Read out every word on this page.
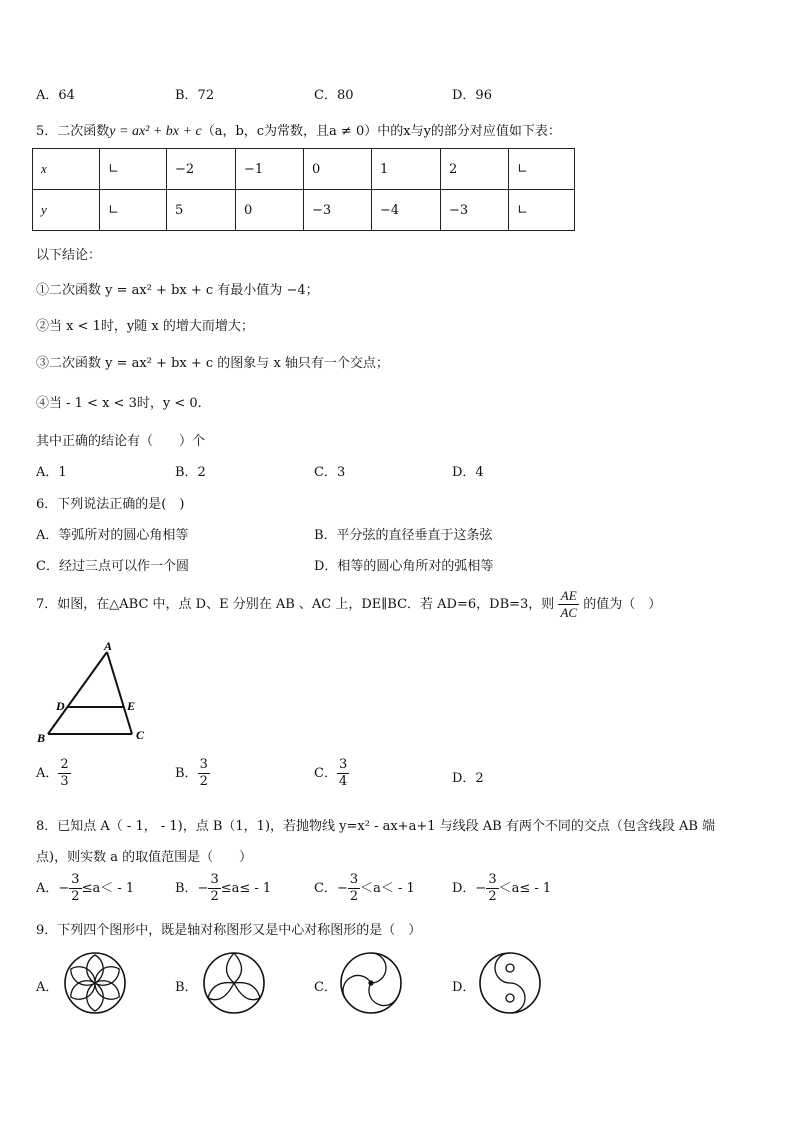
A．64	B．72	C．80	D．96
5．二次函数y = ax² + bx + c（a，b，c为常数，且a ≠ 0）中的x与y的部分对应值如下表：
x	∟	−2	−1	0	1	2	∟
y	∟	5	0	−3	−4	−3	∟
以下结论：
①二次函数 y = ax² + bx + c 有最小值为 −4；
②当 x < 1时，y随 x 的增大而增大；
③二次函数 y = ax² + bx + c 的图象与 x 轴只有一个交点；
④当 - 1 < x < 3时，y < 0.
其中正确的结论有（　　）个
A．1	B．2	C．3	D．4
6．下列说法正确的是(　)
A．等弧所对的圆心角相等	B．平分弦的直径垂直于这条弦
C．经过三点可以作一个圆	D．相等的圆心角所对的弧相等
7．如图，在△ABC 中，点 D、E 分别在 AB 、AC 上，DE∥BC．若 AD=6，DB=3，则 $\frac{AE}{AC}$ 的值为（　）
A
D	E
B	C
A． $\frac{2}{3}$	B． $\frac{3}{2}$	C． $\frac{3}{4}$	D．2
8．已知点 A（ - 1， - 1)，点 B（1，1)，若抛物线 y=x² - ax+a+1 与线段 AB 有两个不同的交点（包含线段 AB 端
点)，则实数 a 的取值范围是（　　）
A．− $\frac{3}{2} \le a< - 1$	B．− $\frac{3}{2} \le a\le - 1$	C．− $\frac{3}{2} <a< - 1$	D．− $\frac{3}{2} <a\le - 1$
9．下列四个图形中，既是轴对称图形又是中心对称图形的是（　）
A．	B．	C．	D．
